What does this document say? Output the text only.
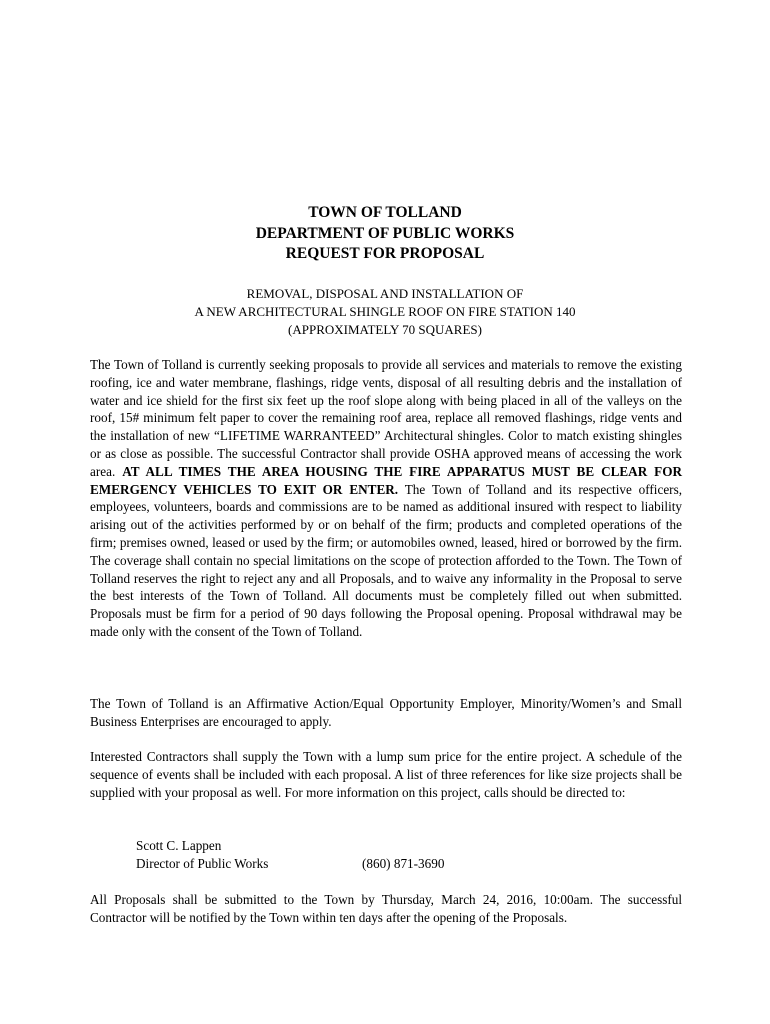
TOWN OF TOLLAND
DEPARTMENT OF PUBLIC WORKS
REQUEST FOR PROPOSAL
REMOVAL, DISPOSAL AND INSTALLATION OF
A NEW ARCHITECTURAL SHINGLE ROOF ON FIRE STATION 140
(APPROXIMATELY 70 SQUARES)
The Town of Tolland is currently seeking proposals to provide all services and materials to remove the existing roofing, ice and water membrane, flashings, ridge vents, disposal of all resulting debris and the installation of water and ice shield for the first six feet up the roof slope along with being placed in all of the valleys on the roof, 15# minimum felt paper to cover the remaining roof area, replace all removed flashings, ridge vents and the installation of new “LIFETIME WARRANTEED” Architectural shingles. Color to match existing shingles or as close as possible. The successful Contractor shall provide OSHA approved means of accessing the work area. AT ALL TIMES THE AREA HOUSING THE FIRE APPARATUS MUST BE CLEAR FOR EMERGENCY VEHICLES TO EXIT OR ENTER. The Town of Tolland and its respective officers, employees, volunteers, boards and commissions are to be named as additional insured with respect to liability arising out of the activities performed by or on behalf of the firm; products and completed operations of the firm; premises owned, leased or used by the firm; or automobiles owned, leased, hired or borrowed by the firm. The coverage shall contain no special limitations on the scope of protection afforded to the Town. The Town of Tolland reserves the right to reject any and all Proposals, and to waive any informality in the Proposal to serve the best interests of the Town of Tolland. All documents must be completely filled out when submitted. Proposals must be firm for a period of 90 days following the Proposal opening. Proposal withdrawal may be made only with the consent of the Town of Tolland.
The Town of Tolland is an Affirmative Action/Equal Opportunity Employer, Minority/Women’s and Small Business Enterprises are encouraged to apply.
Interested Contractors shall supply the Town with a lump sum price for the entire project. A schedule of the sequence of events shall be included with each proposal. A list of three references for like size projects shall be supplied with your proposal as well. For more information on this project, calls should be directed to:
Scott C. Lappen
Director of Public Works	(860) 871-3690
All Proposals shall be submitted to the Town by Thursday, March 24, 2016, 10:00am. The successful Contractor will be notified by the Town within ten days after the opening of the Proposals.
